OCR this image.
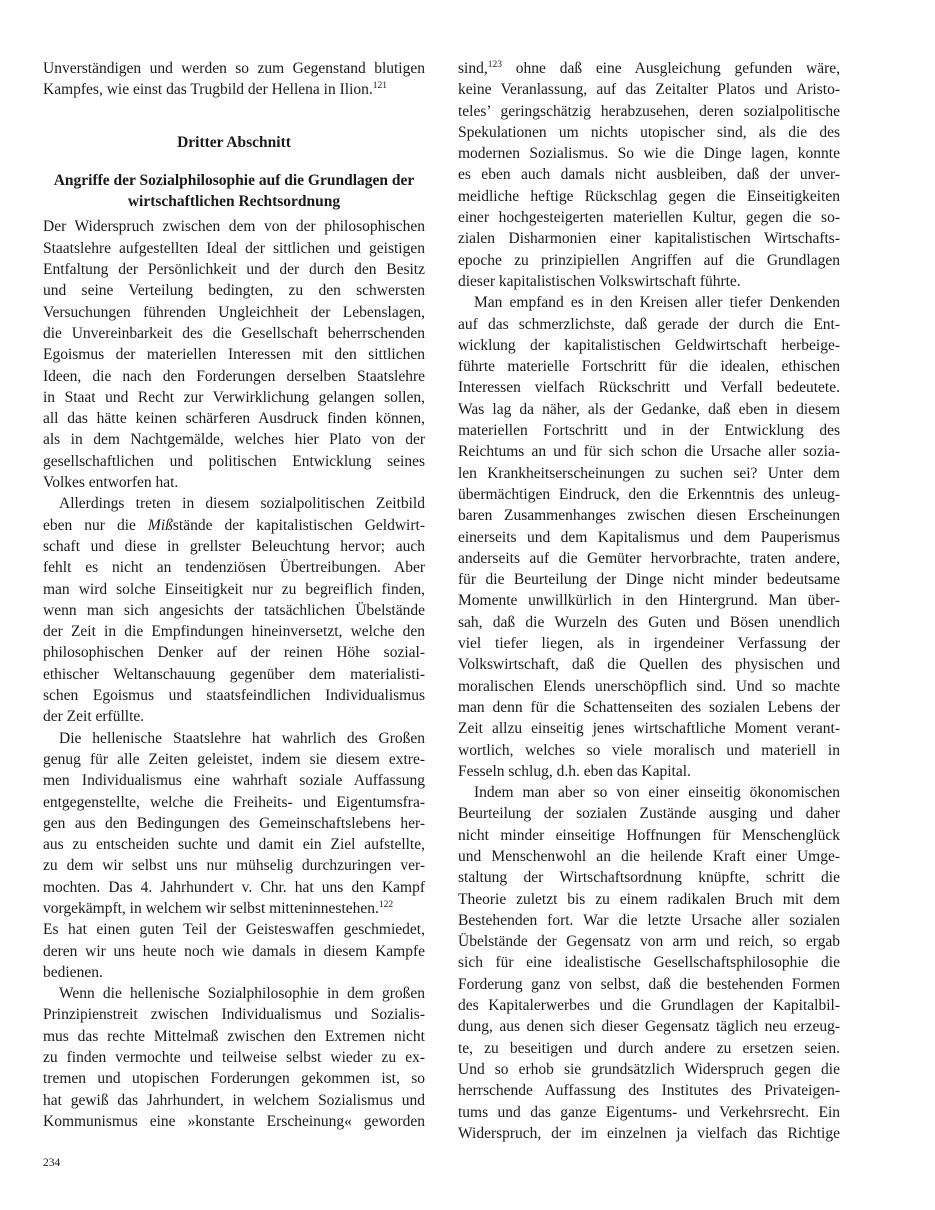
Unverständigen und werden so zum Gegenstand blutigen
Kampfes, wie einst das Trugbild der Hellena in Ilion.$^{121}$
Dritter Abschnitt
Angriffe der Sozialphilosophie auf die Grundlagen der
wirtschaftlichen Rechtsordnung
Der Widerspruch zwischen dem von der philosophischen
Staatslehre aufgestellten Ideal der sittlichen und geistigen
Entfaltung der Persönlichkeit und der durch den Besitz
und seine Verteilung bedingten, zu den schwersten
Versuchungen führenden Ungleichheit der Lebenslagen,
die Unvereinbarkeit des die Gesellschaft beherrschenden
Egoismus der materiellen Interessen mit den sittlichen
Ideen, die nach den Forderungen derselben Staatslehre
in Staat und Recht zur Verwirklichung gelangen sollen,
all das hätte keinen schärferen Ausdruck finden können,
als in dem Nachtgemälde, welches hier Plato von der
gesellschaftlichen und politischen Entwicklung seines
Volkes entworfen hat.
Allerdings treten in diesem sozialpolitischen Zeitbild
eben nur die Mißstände der kapitalistischen Geldwirt-
schaft und diese in grellster Beleuchtung hervor; auch
fehlt es nicht an tendenziösen Übertreibungen. Aber
man wird solche Einseitigkeit nur zu begreiflich finden,
wenn man sich angesichts der tatsächlichen Übelstände
der Zeit in die Empfindungen hineinversetzt, welche den
philosophischen Denker auf der reinen Höhe sozial-
ethischer Weltanschauung gegenüber dem materialisti-
schen Egoismus und staatsfeindlichen Individualismus
der Zeit erfüllte.
Die hellenische Staatslehre hat wahrlich des Großen
genug für alle Zeiten geleistet, indem sie diesem extre-
men Individualismus eine wahrhaft soziale Auffassung
entgegenstellte, welche die Freiheits- und Eigentumsfra-
gen aus den Bedingungen des Gemeinschaftslebens her-
aus zu entscheiden suchte und damit ein Ziel aufstellte,
zu dem wir selbst uns nur mühselig durchzuringen ver-
mochten. Das 4. Jahrhundert v. Chr. hat uns den Kampf
vorgekämpft, in welchem wir selbst mitteninnestehen.$^{122}$
Es hat einen guten Teil der Geisteswaffen geschmiedet,
deren wir uns heute noch wie damals in diesem Kampfe
bedienen.
Wenn die hellenische Sozialphilosophie in dem großen
Prinzipienstreit zwischen Individualismus und Sozialis-
mus das rechte Mittelmaß zwischen den Extremen nicht
zu finden vermochte und teilweise selbst wieder zu ex-
tremen und utopischen Forderungen gekommen ist, so
hat gewiß das Jahrhundert, in welchem Sozialismus und
Kommunismus eine »konstante Erscheinung« geworden
sind,$^{123}$ ohne daß eine Ausgleichung gefunden wäre,
keine Veranlassung, auf das Zeitalter Platos und Aristo-
teles’ geringschätzig herabzusehen, deren sozialpolitische
Spekulationen um nichts utopischer sind, als die des
modernen Sozialismus. So wie die Dinge lagen, konnte
es eben auch damals nicht ausbleiben, daß der unver-
meidliche heftige Rückschlag gegen die Einseitigkeiten
einer hochgesteigerten materiellen Kultur, gegen die so-
zialen Disharmonien einer kapitalistischen Wirtschafts-
epoche zu prinzipiellen Angriffen auf die Grundlagen
dieser kapitalistischen Volkswirtschaft führte.
Man empfand es in den Kreisen aller tiefer Denkenden
auf das schmerzlichste, daß gerade der durch die Ent-
wicklung der kapitalistischen Geldwirtschaft herbeige-
führte materielle Fortschritt für die idealen, ethischen
Interessen vielfach Rückschritt und Verfall bedeutete.
Was lag da näher, als der Gedanke, daß eben in diesem
materiellen Fortschritt und in der Entwicklung des
Reichtums an und für sich schon die Ursache aller sozia-
len Krankheitserscheinungen zu suchen sei? Unter dem
übermächtigen Eindruck, den die Erkenntnis des unleug-
baren Zusammenhanges zwischen diesen Erscheinungen
einerseits und dem Kapitalismus und dem Pauperismus
anderseits auf die Gemüter hervorbrachte, traten andere,
für die Beurteilung der Dinge nicht minder bedeutsame
Momente unwillkürlich in den Hintergrund. Man über-
sah, daß die Wurzeln des Guten und Bösen unendlich
viel tiefer liegen, als in irgendeiner Verfassung der
Volkswirtschaft, daß die Quellen des physischen und
moralischen Elends unerschöpflich sind. Und so machte
man denn für die Schattenseiten des sozialen Lebens der
Zeit allzu einseitig jenes wirtschaftliche Moment verant-
wortlich, welches so viele moralisch und materiell in
Fesseln schlug, d.h. eben das Kapital.
Indem man aber so von einer einseitig ökonomischen
Beurteilung der sozialen Zustände ausging und daher
nicht minder einseitige Hoffnungen für Menschenglück
und Menschenwohl an die heilende Kraft einer Umge-
staltung der Wirtschaftsordnung knüpfte, schritt die
Theorie zuletzt bis zu einem radikalen Bruch mit dem
Bestehenden fort. War die letzte Ursache aller sozialen
Übelstände der Gegensatz von arm und reich, so ergab
sich für eine idealistische Gesellschaftsphilosophie die
Forderung ganz von selbst, daß die bestehenden Formen
des Kapitalerwerbes und die Grundlagen der Kapitalbil-
dung, aus denen sich dieser Gegensatz täglich neu erzeug-
te, zu beseitigen und durch andere zu ersetzen seien.
Und so erhob sie grundsätzlich Widerspruch gegen die
herrschende Auffassung des Institutes des Privateigen-
tums und das ganze Eigentums- und Verkehrsrecht. Ein
Widerspruch, der im einzelnen ja vielfach das Richtige
234
